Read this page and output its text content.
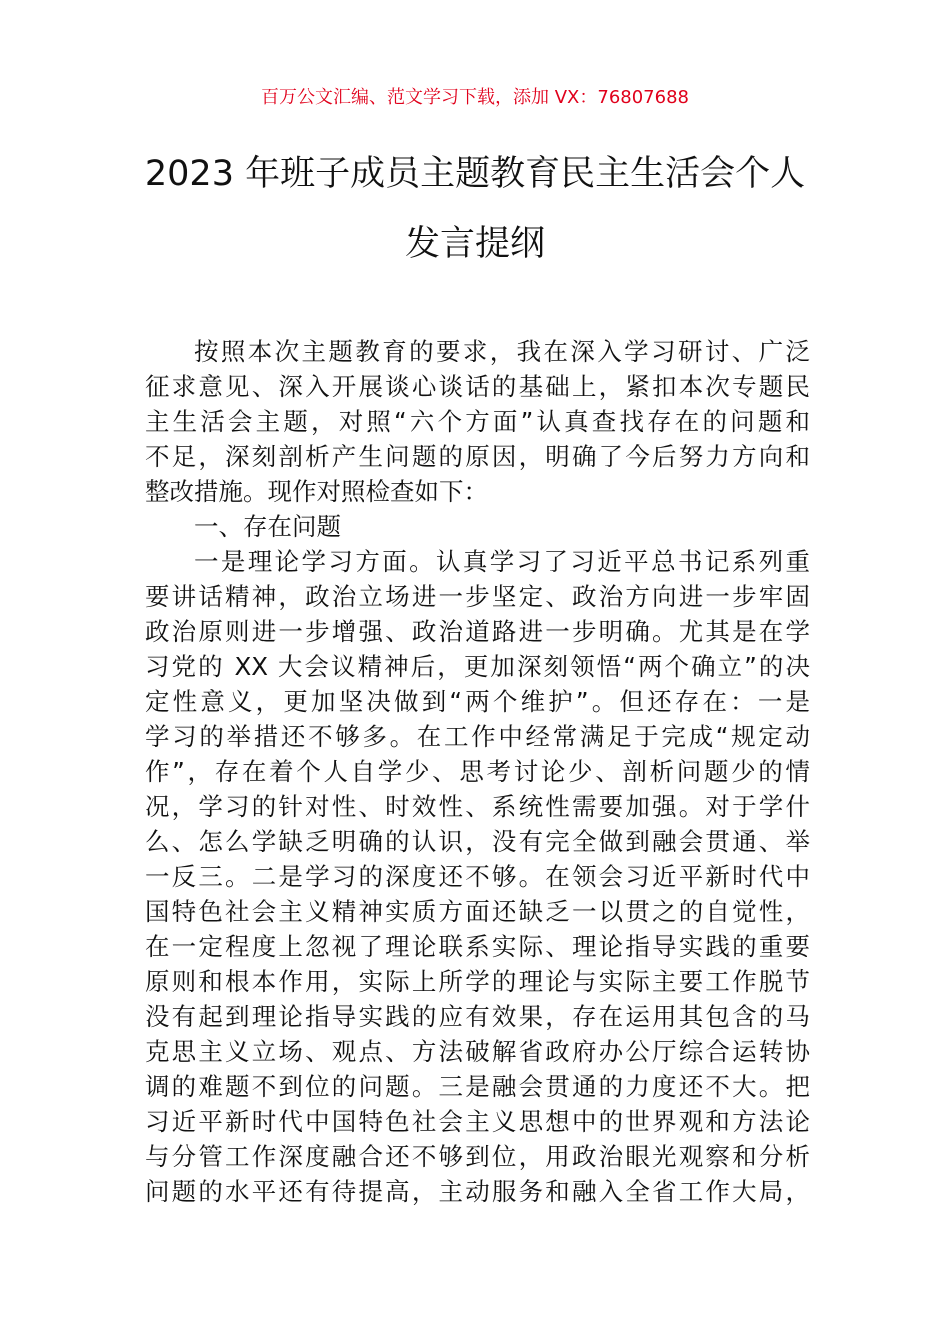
百万公文汇编、范文学习下载，添加 VX：76807688
2023 年班子成员主题教育民主生活会个人
发言提纲
按照本次主题教育的要求，我在深入学习研讨、广泛
征求意见、深入开展谈心谈话的基础上，紧扣本次专题民
主生活会主题，对照“六个方面”认真查找存在的问题和
不足，深刻剖析产生问题的原因，明确了今后努力方向和
整改措施。现作对照检查如下：
一、存在问题
一是理论学习方面。认真学习了习近平总书记系列重
要讲话精神，政治立场进一步坚定、政治方向进一步牢固
政治原则进一步增强、政治道路进一步明确。尤其是在学
习党的 XX 大会议精神后，更加深刻领悟“两个确立”的决
定性意义，更加坚决做到“两个维护”。但还存在：一是
学习的举措还不够多。在工作中经常满足于完成“规定动
作”，存在着个人自学少、思考讨论少、剖析问题少的情
况，学习的针对性、时效性、系统性需要加强。对于学什
么、怎么学缺乏明确的认识，没有完全做到融会贯通、举
一反三。二是学习的深度还不够。在领会习近平新时代中
国特色社会主义精神实质方面还缺乏一以贯之的自觉性，
在一定程度上忽视了理论联系实际、理论指导实践的重要
原则和根本作用，实际上所学的理论与实际主要工作脱节
没有起到理论指导实践的应有效果，存在运用其包含的马
克思主义立场、观点、方法破解省政府办公厅综合运转协
调的难题不到位的问题。三是融会贯通的力度还不大。把
习近平新时代中国特色社会主义思想中的世界观和方法论
与分管工作深度融合还不够到位，用政治眼光观察和分析
问题的水平还有待提高，主动服务和融入全省工作大局，
